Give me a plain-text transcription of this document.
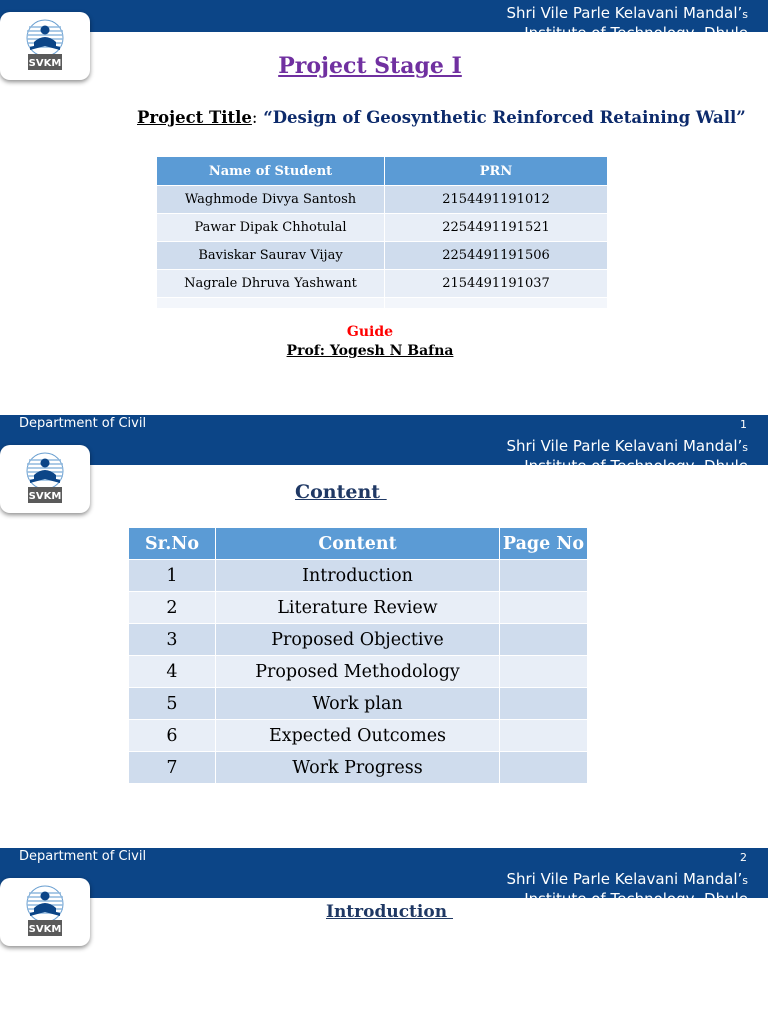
Shri Vile Parle Kelavani Mandal’s
Institute of Technology, Dhule
SVKM	Project Stage I
Project Title: “Design of Geosynthetic Reinforced Retaining Wall”
Name of Student	PRN
Waghmode Divya Santosh	2154491191012
Pawar Dipak Chhotulal	2254491191521
Baviskar Saurav Vijay	2254491191506
Nagrale Dhruva Yashwant	2154491191037

Guide
Prof: Yogesh N Bafna
Department of Civil	1
Shri Vile Parle Kelavani Mandal’s
Institute of Technology, Dhule
SVKM	Content
Sr.No	Content	Page No
1	Introduction	
2	Literature Review	
3	Proposed Objective	
4	Proposed Methodology	
5	Work plan	
6	Expected Outcomes	
7	Work Progress	
Department of Civil	2
Shri Vile Parle Kelavani Mandal’s
Institute of Technology, Dhule
SVKM
Introduction
